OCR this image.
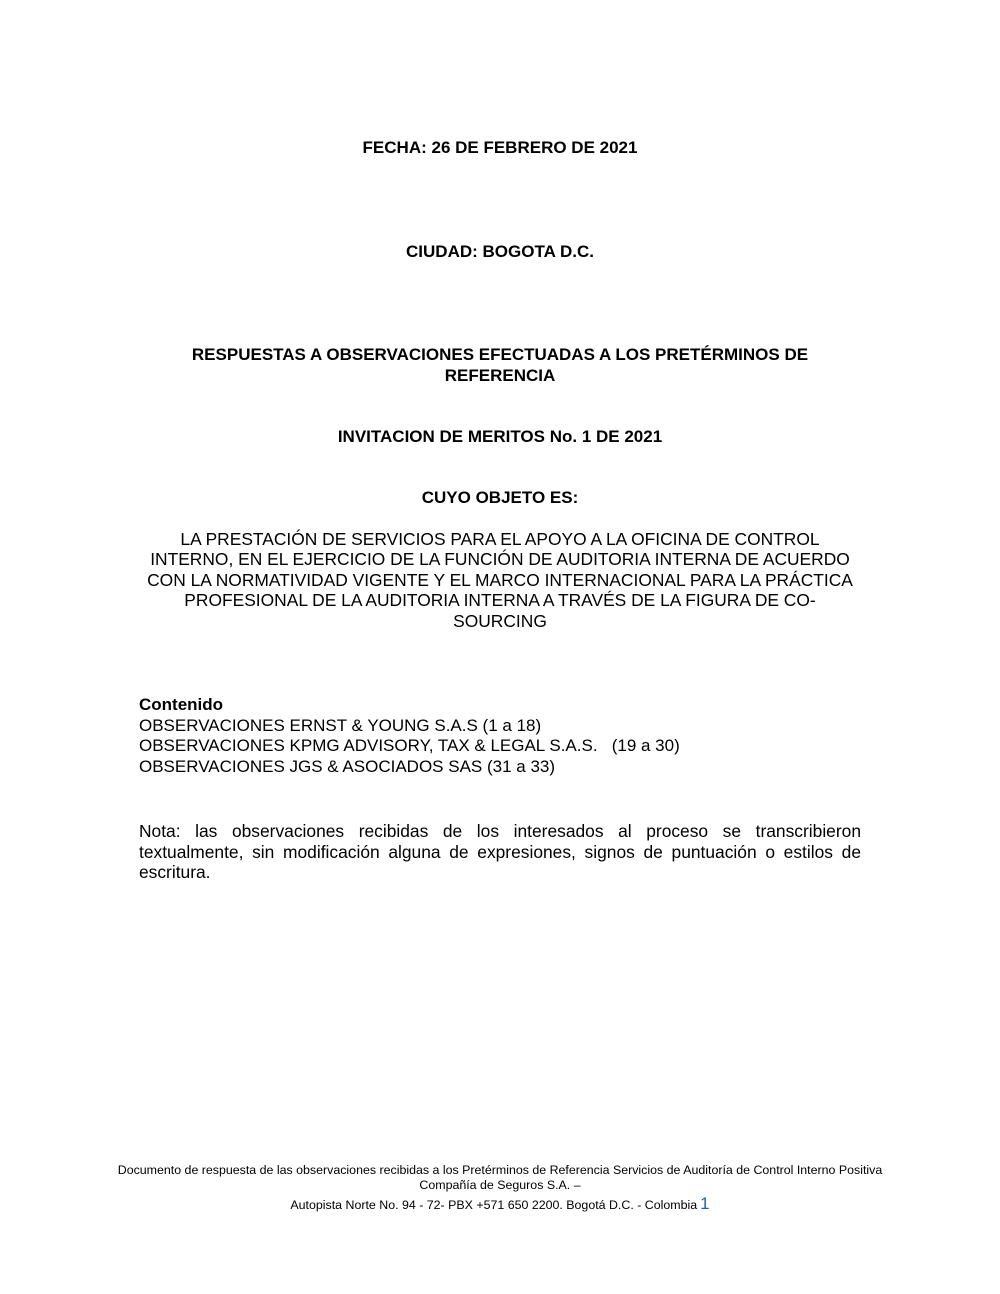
FECHA: 26 DE FEBRERO DE 2021
CIUDAD: BOGOTA D.C.
RESPUESTAS A OBSERVACIONES EFECTUADAS A LOS PRETÉRMINOS DE REFERENCIA
INVITACION DE MERITOS No. 1 DE 2021
CUYO OBJETO ES:
LA PRESTACIÓN DE SERVICIOS PARA EL APOYO A LA OFICINA DE CONTROL INTERNO, EN EL EJERCICIO DE LA FUNCIÓN DE AUDITORIA INTERNA DE ACUERDO CON LA NORMATIVIDAD VIGENTE Y EL MARCO INTERNACIONAL PARA LA PRÁCTICA PROFESIONAL DE LA AUDITORIA INTERNA A TRAVÉS DE LA FIGURA DE CO-SOURCING
Contenido
OBSERVACIONES ERNST & YOUNG S.A.S (1 a 18)
OBSERVACIONES KPMG ADVISORY, TAX & LEGAL S.A.S.   (19 a 30)
OBSERVACIONES JGS & ASOCIADOS SAS (31 a 33)
Nota: las observaciones recibidas de los interesados al proceso se transcribieron textualmente, sin modificación alguna de expresiones, signos de puntuación o estilos de escritura.
Documento de respuesta de las observaciones recibidas a los Pretérminos de Referencia Servicios de Auditoría de Control Interno Positiva Compañía de Seguros S.A. –
Autopista Norte No. 94 - 72- PBX +571 650 2200. Bogotá D.C. - Colombia 1
